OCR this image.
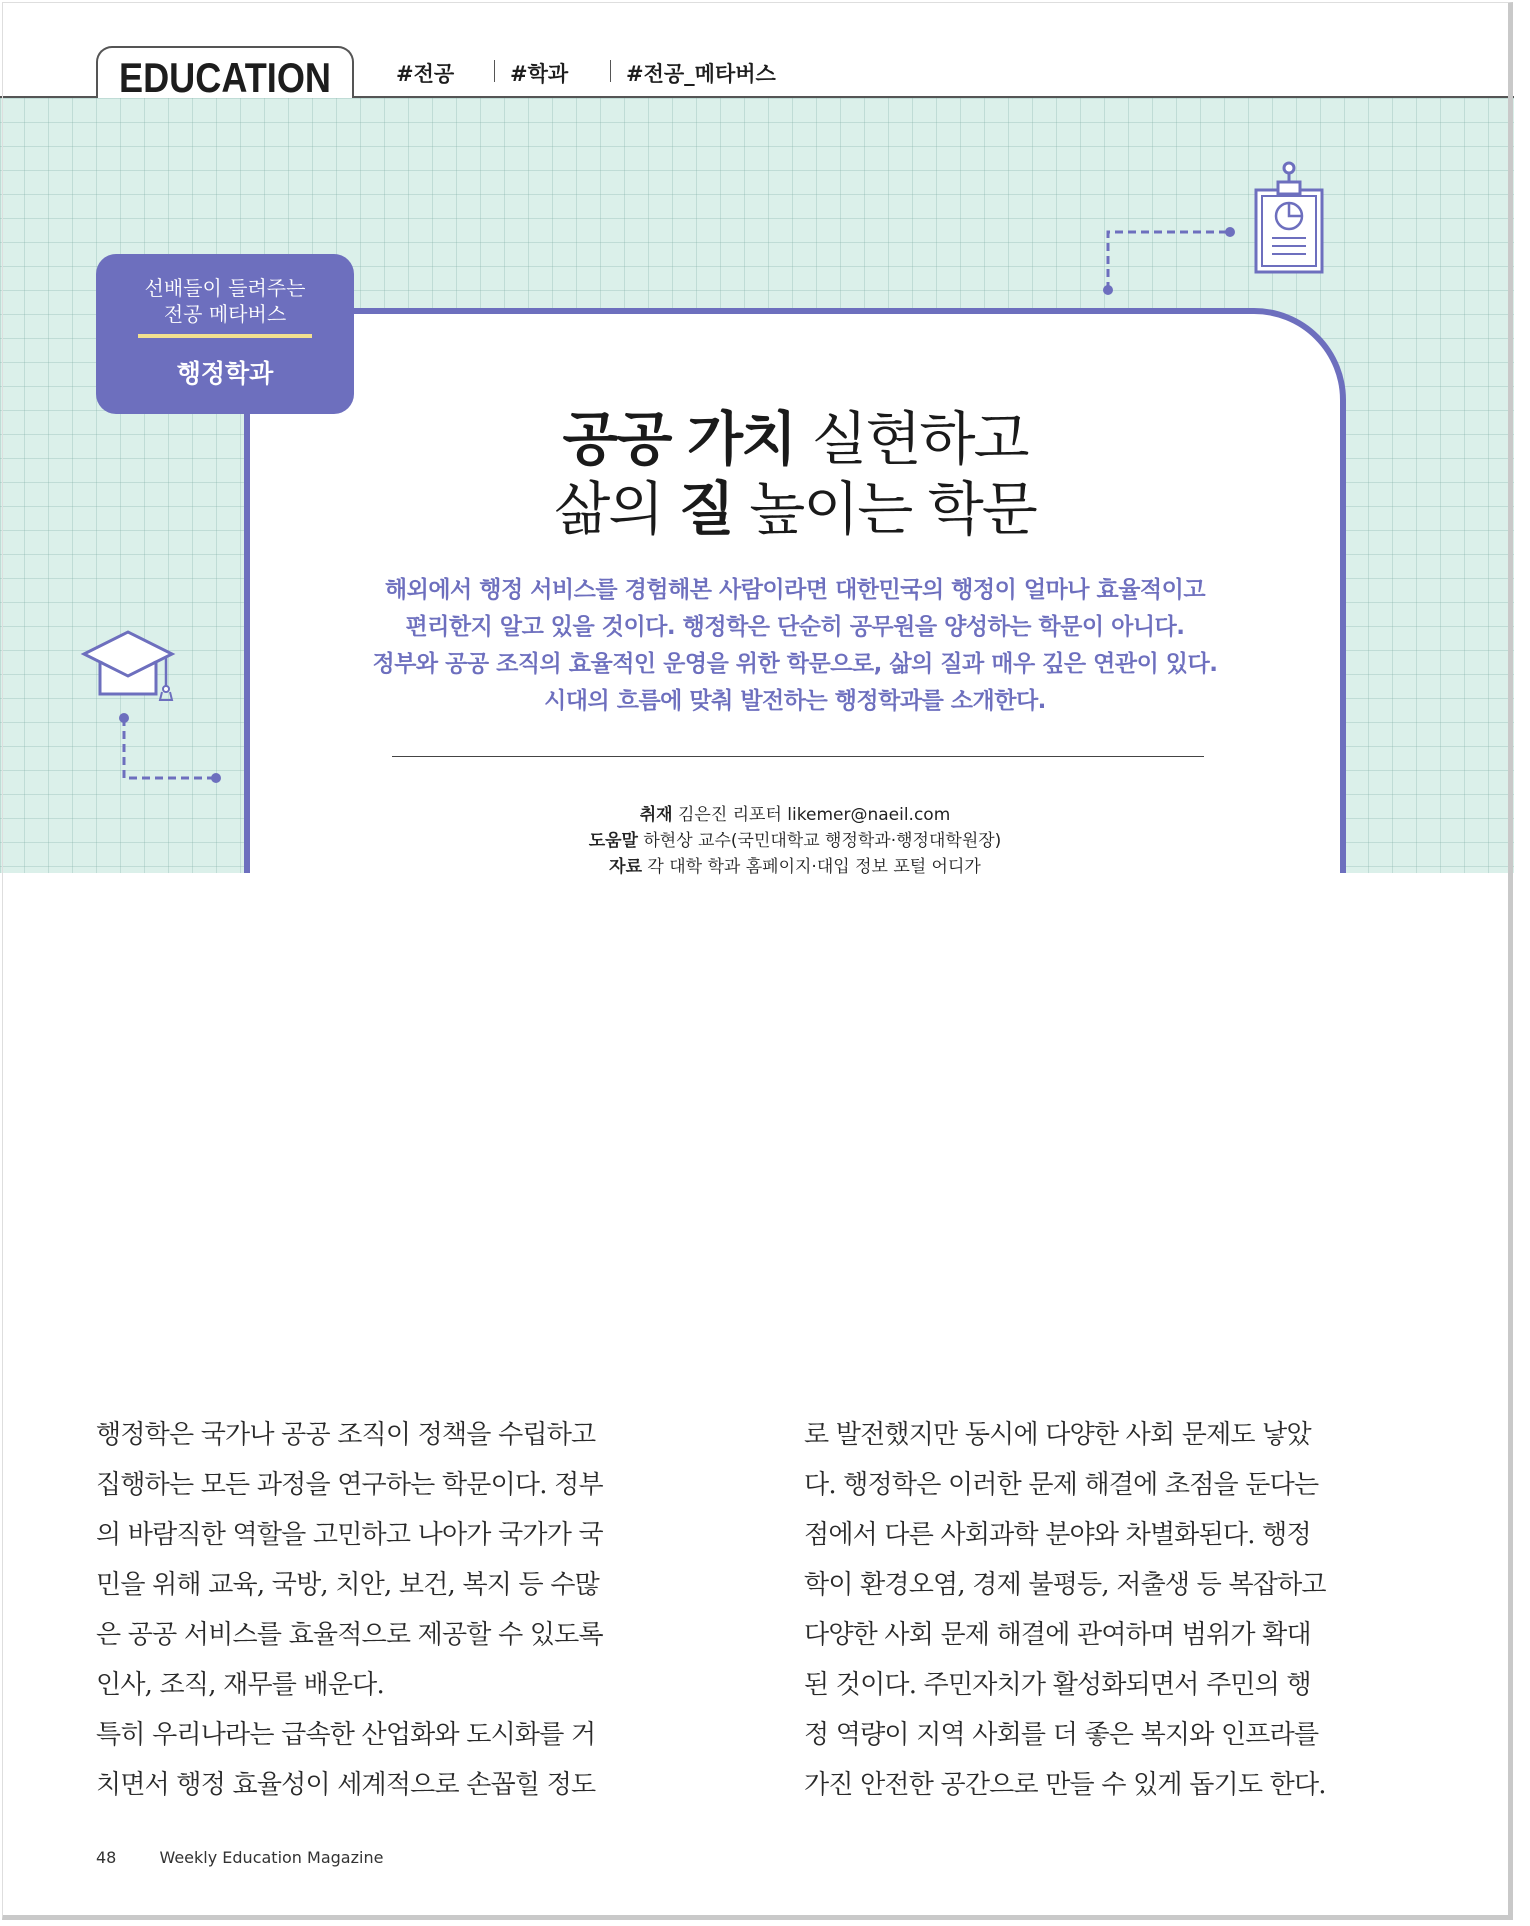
EDUCATION	#전공	#학과	#전공_메타버스
선배들이 들려주는
전공 메타버스
행정학과
공공 가치 실현하고
삶의 질 높이는 학문
해외에서 행정 서비스를 경험해본 사람이라면 대한민국의 행정이 얼마나 효율적이고
편리한지 알고 있을 것이다. 행정학은 단순히 공무원을 양성하는 학문이 아니다.
정부와 공공 조직의 효율적인 운영을 위한 학문으로, 삶의 질과 매우 깊은 연관이 있다.
시대의 흐름에 맞춰 발전하는 행정학과를 소개한다.
취재 김은진 리포터 likemer@naeil.com
도움말 하현상 교수(국민대학교 행정학과·행정대학원장)
자료 각 대학 학과 홈페이지·대입 정보 포털 어디가

행정학은 국가나 공공 조직이 정책을 수립하고

집행하는 모든 과정을 연구하는 학문이다. 정부

의 바람직한 역할을 고민하고 나아가 국가가 국

민을 위해 교육, 국방, 치안, 보건, 복지 등 수많

은 공공 서비스를 효율적으로 제공할 수 있도록

인사, 조직, 재무를 배운다.

특히 우리나라는 급속한 산업화와 도시화를 거

치면서 행정 효율성이 세계적으로 손꼽힐 정도

로 발전했지만 동시에 다양한 사회 문제도 낳았

다. 행정학은 이러한 문제 해결에 초점을 둔다는

점에서 다른 사회과학 분야와 차별화된다. 행정

학이 환경오염, 경제 불평등, 저출생 등 복잡하고

다양한 사회 문제 해결에 관여하며 범위가 확대

된 것이다. 주민자치가 활성화되면서 주민의 행

정 역량이 지역 사회를 더 좋은 복지와 인프라를

가진 안전한 공간으로 만들 수 있게 돕기도 한다.

48	Weekly Education Magazine
